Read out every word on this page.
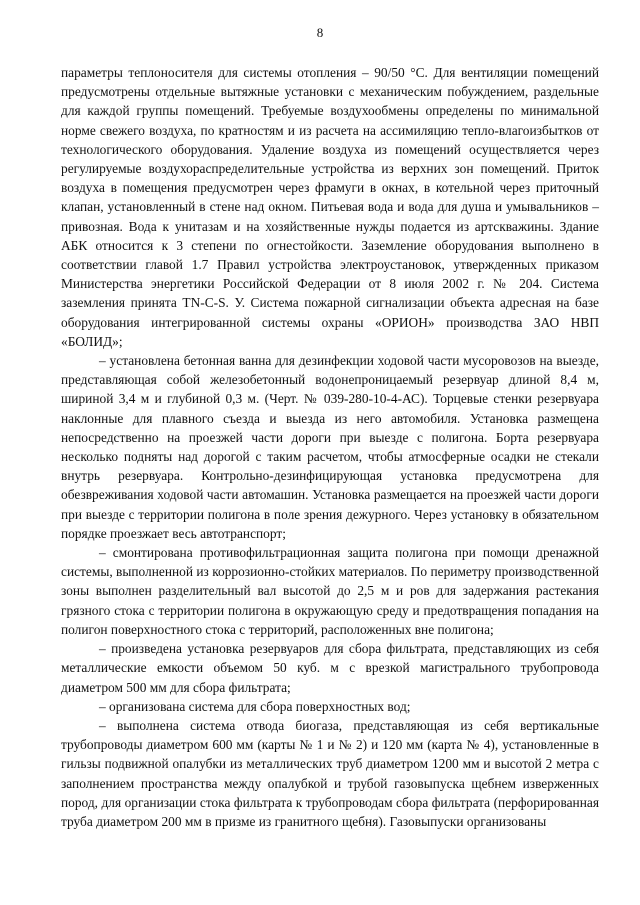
8

параметры теплоносителя для системы отопления – 90/50 °С. Для вентиляции помещений предусмотрены отдельные вытяжные установки с механическим побуждением, раздельные для каждой группы помещений. Требуемые воздухообмены определены по минимальной норме свежего воздуха, по кратностям и из расчета на ассимиляцию тепло-влагоизбытков от технологического оборудования. Удаление воздуха из помещений осуществляется через регулируемые воздухораспределительные устройства из верхних зон помещений. Приток воздуха в помещения предусмотрен через фрамуги в окнах, в котельной через приточный клапан, установленный в стене над окном. Питьевая вода и вода для душа и умывальников – привозная. Вода к унитазам и на хозяйственные нужды подается из артскважины. Здание АБК относится к 3 степени по огнестойкости. Заземление оборудования выполнено в соответствии главой 1.7 Правил устройства электроустановок, утвержденных приказом Министерства энергетики Российской Федерации от 8 июля 2002 г. № 204. Система заземления принята TN-C-S. У. Система пожарной сигнализации объекта адресная на базе оборудования интегрированной системы охраны «ОРИОН» производства ЗАО НВП «БОЛИД»;

– установлена бетонная ванна для дезинфекции ходовой части мусоровозов на выезде, представляющая собой железобетонный водонепроницаемый резервуар длиной 8,4 м, шириной 3,4 м и глубиной 0,3 м. (Черт. № 039-280-10-4-АС). Торцевые стенки резервуара наклонные для плавного съезда и выезда из него автомобиля. Установка размещена непосредственно на проезжей части дороги при выезде с полигона. Борта резервуара несколько подняты над дорогой с таким расчетом, чтобы атмосферные осадки не стекали внутрь резервуара. Контрольно-дезинфицирующая установка предусмотрена для обезвреживания ходовой части автомашин. Установка размещается на проезжей части дороги при выезде с территории полигона в поле зрения дежурного. Через установку в обязательном порядке проезжает весь автотранспорт;

– смонтирована противофильтрационная защита полигона при помощи дренажной системы, выполненной из коррозионно-стойких материалов. По периметру производственной зоны выполнен разделительный вал высотой до 2,5 м и ров для задержания растекания грязного стока с территории полигона в окружающую среду и предотвращения попадания на полигон поверхностного стока с территорий, расположенных вне полигона;

– произведена установка резервуаров для сбора фильтрата, представляющих из себя металлические емкости объемом 50 куб. м с врезкой магистрального трубопровода диаметром 500 мм для сбора фильтрата;

– организована система для сбора поверхностных вод;

– выполнена система отвода биогаза, представляющая из себя вертикальные трубопроводы диаметром 600 мм (карты № 1 и № 2) и 120 мм (карта № 4), установленные в гильзы подвижной опалубки из металлических труб диаметром 1200 мм и высотой 2 метра с заполнением пространства между опалубкой и трубой газовыпуска щебнем изверженных пород, для организации стока фильтрата к трубопроводам сбора фильтрата (перфорированная труба диаметром 200 мм в призме из гранитного щебня). Газовыпуски организованы
